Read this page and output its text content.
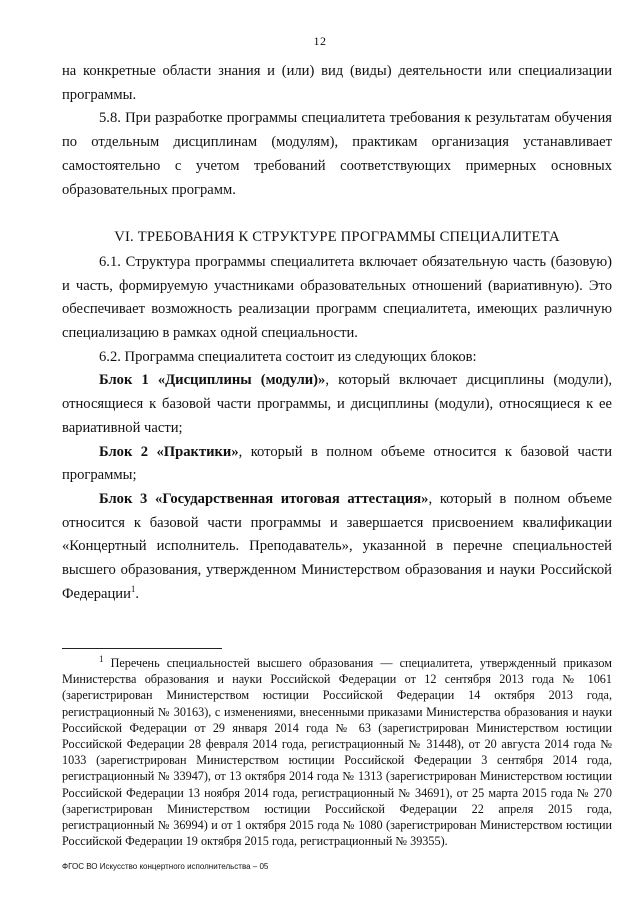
12

на конкретные области знания и (или) вид (виды) деятельности или специализации программы.

5.8. При разработке программы специалитета требования к результатам обучения по отдельным дисциплинам (модулям), практикам организация устанавливает самостоятельно с учетом требований соответствующих примерных основных образовательных программ.

VI. ТРЕБОВАНИЯ К СТРУКТУРЕ ПРОГРАММЫ СПЕЦИАЛИТЕТА

6.1. Структура программы специалитета включает обязательную часть (базовую) и часть, формируемую участниками образовательных отношений (вариативную). Это обеспечивает возможность реализации программ специалитета, имеющих различную специализацию в рамках одной специальности.

6.2. Программа специалитета состоит из следующих блоков:

Блок 1 «Дисциплины (модули)», который включает дисциплины (модули), относящиеся к базовой части программы, и дисциплины (модули), относящиеся к ее вариативной части;

Блок 2 «Практики», который в полном объеме относится к базовой части программы;

Блок 3 «Государственная итоговая аттестация», который в полном объеме относится к базовой части программы и завершается присвоением квалификации «Концертный исполнитель. Преподаватель», указанной в перечне специальностей высшего образования, утвержденном Министерством образования и науки Российской Федерации$^1$.

$^1$ Перечень специальностей высшего образования — специалитета, утвержденный приказом Министерства образования и науки Российской Федерации от 12 сентября 2013 года № 1061 (зарегистрирован Министерством юстиции Российской Федерации 14 октября 2013 года, регистрационный № 30163), с изменениями, внесенными приказами Министерства образования и науки Российской Федерации от 29 января 2014 года № 63 (зарегистрирован Министерством юстиции Российской Федерации 28 февраля 2014 года, регистрационный № 31448), от 20 августа 2014 года № 1033 (зарегистрирован Министерством юстиции Российской Федерации 3 сентября 2014 года, регистрационный № 33947), от 13 октября 2014 года № 1313 (зарегистрирован Министерством юстиции Российской Федерации 13 ноября 2014 года, регистрационный № 34691), от 25 марта 2015 года № 270 (зарегистрирован Министерством юстиции Российской Федерации 22 апреля 2015 года, регистрационный № 36994) и от 1 октября 2015 года № 1080 (зарегистрирован Министерством юстиции Российской Федерации 19 октября 2015 года, регистрационный № 39355).

ФГОС ВО Искусство концертного исполнительства – 05
